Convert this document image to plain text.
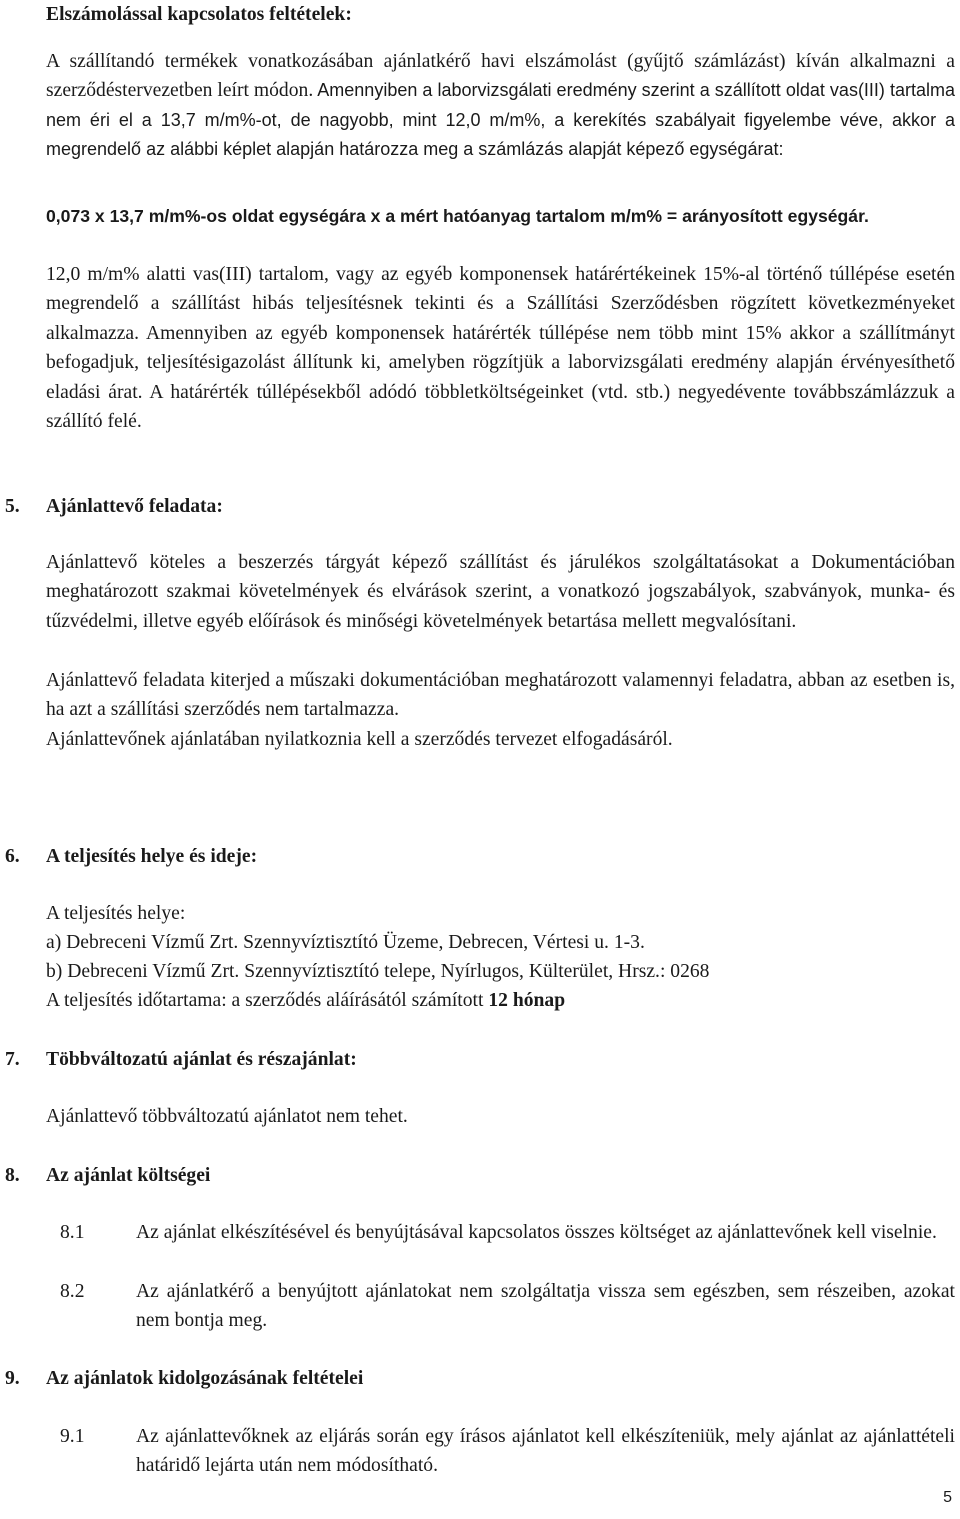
Elszámolással kapcsolatos feltételek:
A szállítandó termékek vonatkozásában ajánlatkérő havi elszámolást (gyűjtő számlázást) kíván alkalmazni a szerződéstervezetben leírt módon. Amennyiben a laborvizsgálati eredmény szerint a szállított oldat vas(III) tartalma nem éri el a 13,7 m/m%-ot, de nagyobb, mint 12,0 m/m%, a kerekítés szabályait figyelembe véve, akkor a megrendelő az alábbi képlet alapján határozza meg a számlázás alapját képező egységárat:
0,073 x 13,7 m/m%-os oldat egységára x a mért hatóanyag tartalom m/m% = arányosított egységár.
12,0 m/m% alatti vas(III) tartalom, vagy az egyéb komponensek határértékeinek 15%-al történő túllépése esetén megrendelő a szállítást hibás teljesítésnek tekinti és a Szállítási Szerződésben rögzített következményeket alkalmazza. Amennyiben az egyéb komponensek határérték túllépése nem több mint 15% akkor a szállítmányt befogadjuk, teljesítésigazolást állítunk ki, amelyben rögzítjük a laborvizsgálati eredmény alapján érvényesíthető eladási árat. A határérték túllépésekből adódó többletköltségeinket (vtd. stb.) negyedévente továbbszámlázzuk a szállító felé.
5. Ajánlattevő feladata:
Ajánlattevő köteles a beszerzés tárgyát képező szállítást és járulékos szolgáltatásokat a Dokumentációban meghatározott szakmai követelmények és elvárások szerint, a vonatkozó jogszabályok, szabványok, munka- és tűzvédelmi, illetve egyéb előírások és minőségi követelmények betartása mellett megvalósítani.
Ajánlattevő feladata kiterjed a műszaki dokumentációban meghatározott valamennyi feladatra, abban az esetben is, ha azt a szállítási szerződés nem tartalmazza.
Ajánlattevőnek ajánlatában nyilatkoznia kell a szerződés tervezet elfogadásáról.
6. A teljesítés helye és ideje:
A teljesítés helye:
a) Debreceni Vízmű Zrt. Szennyvíztisztító Üzeme, Debrecen, Vértesi u. 1-3.
b) Debreceni Vízmű Zrt. Szennyvíztisztító telepe, Nyírlugos, Külterület, Hrsz.: 0268
A teljesítés időtartama: a szerződés aláírásától számított 12 hónap
7. Többváltozatú ajánlat és részajánlat:
Ajánlattevő többváltozatú ajánlatot nem tehet.
8. Az ajánlat költségei
8.1	Az ajánlat elkészítésével és benyújtásával kapcsolatos összes költséget az ajánlattevőnek kell viselnie.
8.2	Az ajánlatkérő a benyújtott ajánlatokat nem szolgáltatja vissza sem egészben, sem részeiben, azokat nem bontja meg.
9. Az ajánlatok kidolgozásának feltételei
9.1	Az ajánlattevőknek az eljárás során egy írásos ajánlatot kell elkészíteniük, mely ajánlat az ajánlattételi határidő lejárta után nem módosítható.
5
